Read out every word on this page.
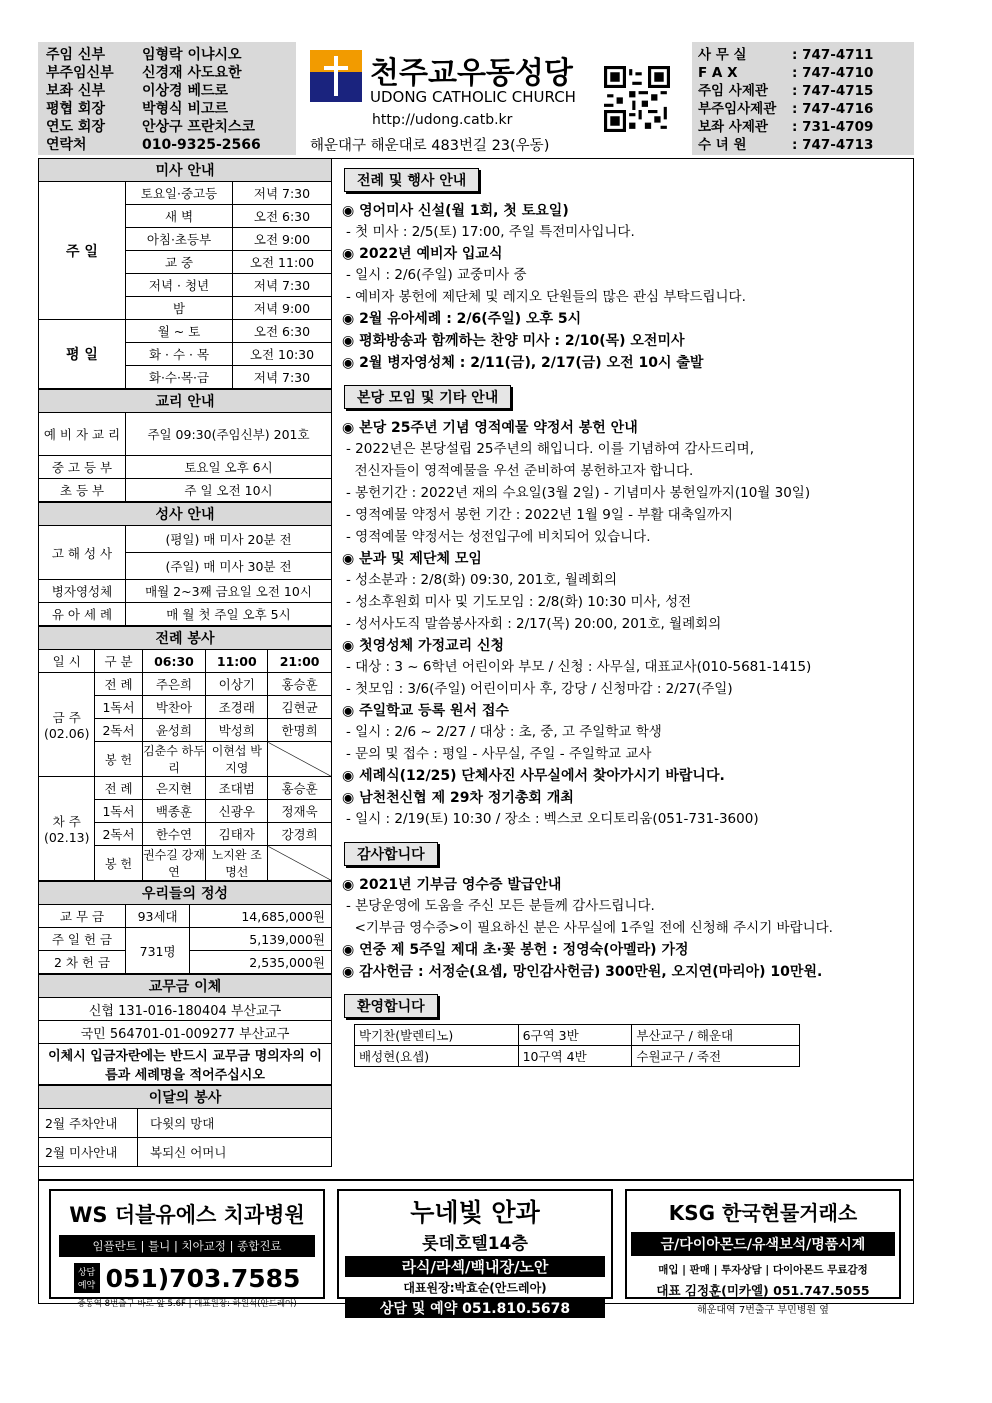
주임 신부	임형락 이냐시오
부주임신부	신경재 사도요한
보좌 신부	이상경 베드로
평협 회장	박형식 비고르
연도 회장	안상구 프란치스코
연락처	010-9325-2566
천주교우동성당
UDONG CATHOLIC CHURCH
http://udong.catb.kr
해운대구 해운대로 483번길 23(우동)
사 무 실	: 747-4711
F A X	: 747-4710
주임 사제관	: 747-4715
부주임사제관	: 747-4716
보좌 사제관	: 731-4709
수 녀 원	: 747-4713
미사 안내		
주 일	토요일·중고등	저녁 7:30
	새 벽	오전 6:30
	아침·초등부	오전 9:00
	교 중	오전 11:00
	저녁 · 청년	저녁 7:30
	밤	저녁 9:00
평 일	월 ~ 토	오전 6:30
	화 · 수 · 목	오전 10:30
	화·수·목·금	저녁 7:30
교리 안내	
예 비 자 교 리	주일 09:30(주임신부) 201호
중 고 등 부	토요일 오후 6시
초 등 부	주 일 오전 10시
성사 안내	
고 해 성 사	(평일) 매 미사 20분 전
	(주일) 매 미사 30분 전
병자영성체	매월 2~3째 금요일 오전 10시
유 아 세 례	매 월 첫 주일 오후 5시
전례 봉사				
일 시	구 분	06:30	11:00	21:00

금 주
(02.06)	전 례	주은희	이상기	홍승훈
	1독서	박찬아	조경래	김현균
	2독서	윤성희	박성희	한명희
	봉 헌	김춘수 하두리	이현섭 박지영	

차 주
(02.13)	전 례	은지현	조대범	홍승훈
	1독서	백종훈	신광우	정재욱
	2독서	한수연	김태자	강경희
	봉 헌	권수길 강재연	노지완 조명선	
우리들의 정성		
교 무 금	93세대	14,685,000원
주 일 헌 금	731명	5,139,000원
2 차 헌 금		2,535,000원
교무금 이체
신협 131-016-180404 부산교구
국민 564701-01-009277 부산교구
이체시 입금자란에는 반드시 교무금 명의자의 이름과 세례명을 적어주십시오
이달의 봉사	
2월 주차안내	다윗의 망대
2월 미사안내	복되신 어머니
전례 및 행사 안내
◉ 영어미사 신설(월 1회, 첫 토요일)
- 첫 미사 : 2/5(토) 17:00, 주일 특전미사입니다.
◉ 2022년 예비자 입교식
- 일시 : 2/6(주일) 교중미사 중
- 예비자 봉헌에 제단체 및 레지오 단원들의 많은 관심 부탁드립니다.
◉ 2월 유아세례 : 2/6(주일) 오후 5시
◉ 평화방송과 함께하는 찬양 미사 : 2/10(목) 오전미사
◉ 2월 병자영성체 : 2/11(금), 2/17(금) 오전 10시 출발
본당 모임 및 기타 안내
◉ 본당 25주년 기념 영적예물 약정서 봉헌 안내
- 2022년은 본당설립 25주년의 해입니다. 이를 기념하여 감사드리며,
전신자들이 영적예물을 우선 준비하여 봉헌하고자 합니다.
- 봉헌기간 : 2022년 재의 수요일(3월 2일) - 기념미사 봉헌일까지(10월 30일)
- 영적예물 약정서 봉헌 기간 : 2022년 1월 9일 - 부활 대축일까지
- 영적예물 약정서는 성전입구에 비치되어 있습니다.
◉ 분과 및 제단체 모임
- 성소분과 : 2/8(화) 09:30, 201호, 월례회의
- 성소후원회 미사 및 기도모임 : 2/8(화) 10:30 미사, 성전
- 성서사도직 말씀봉사자회 : 2/17(목) 20:00, 201호, 월례회의
◉ 첫영성체 가정교리 신청
- 대상 : 3 ~ 6학년 어린이와 부모 / 신청 : 사무실, 대표교사(010-5681-1415)
- 첫모임 : 3/6(주일) 어린이미사 후, 강당 / 신청마감 : 2/27(주일)
◉ 주일학교 등록 원서 접수
- 일시 : 2/6 ~ 2/27 / 대상 : 초, 중, 고 주일학교 학생
- 문의 및 접수 : 평일 - 사무실, 주일 - 주일학교 교사
◉ 세례식(12/25) 단체사진 사무실에서 찾아가시기 바랍니다.
◉ 남천천신협 제 29차 정기총회 개최
- 일시 : 2/19(토) 10:30 / 장소 : 벡스코 오디토리움(051-731-3600)
감사합니다
◉ 2021년 기부금 영수증 발급안내
- 본당운영에 도움을 주신 모든 분들께 감사드립니다.
<기부금 영수증>이 필요하신 분은 사무실에 1주일 전에 신청해 주시기 바랍니다.
◉ 연중 제 5주일 제대 초·꽃 봉헌 : 정영숙(아멜라) 가정
◉ 감사헌금 : 서정순(요셉, 망인감사헌금) 300만원, 오지연(마리아) 10만원.
환영합니다
박기찬(발렌티노)	6구역 3반	부산교구 / 해운대
배성현(요셉)	10구역 4반	수원교구 / 죽전
WS 더블유에스 치과병원
임플란트 | 틀니 | 치아교정 | 종합진료
상담 예약 051)703.7585
중동역 8번출구 바로 앞 5.6F | 대표원장: 하원석(안드레아)
누네빛 안과
롯데호텔14층
라식/라섹/백내장/노안
대표원장:박효순(안드레아)
상담 및 예약 051.810.5678
KSG 한국현물거래소
금/다이아몬드/유색보석/명품시계
매입 | 판매 | 투자상담 | 다이아몬드 무료감정
대표 김정훈(미카엘) 051.747.5055
해운대역 7번출구 부민병원 옆
